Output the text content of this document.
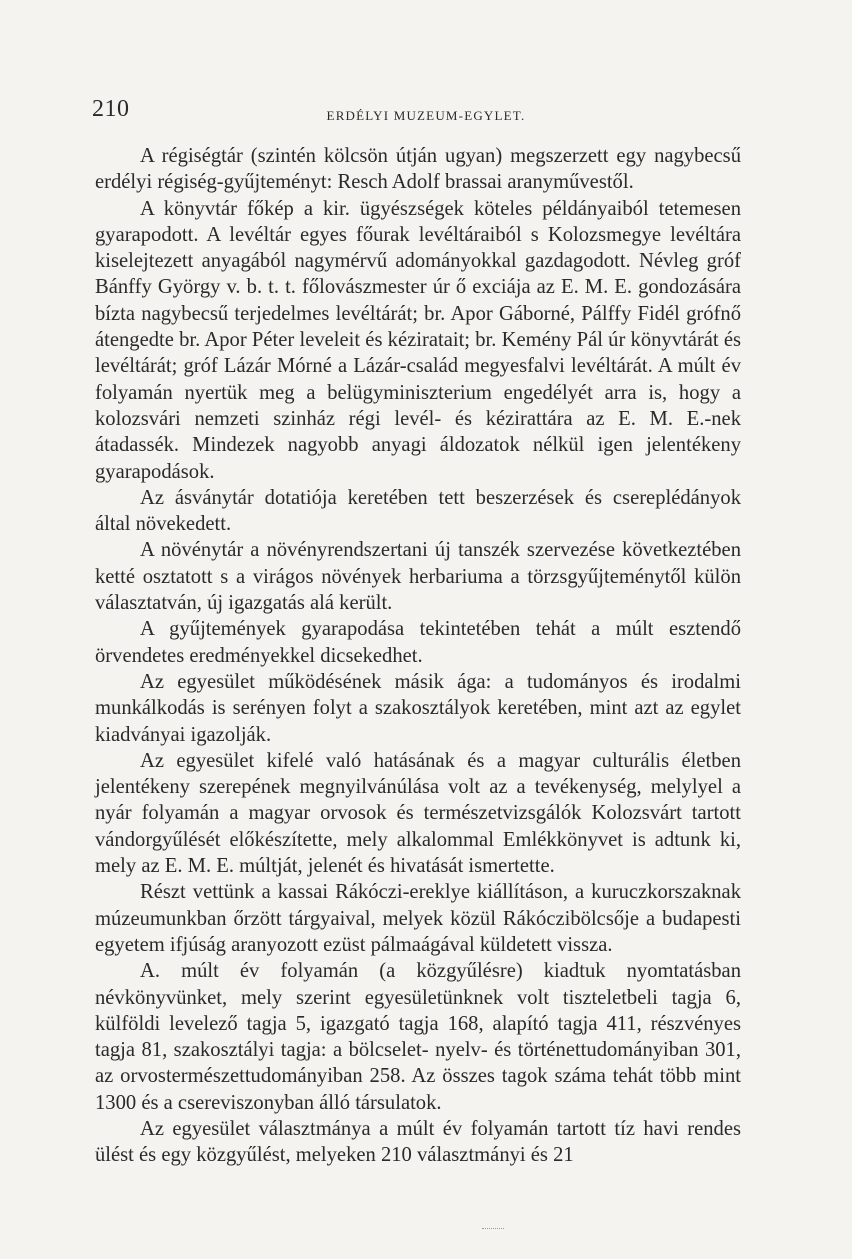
210	ERDÉLYI MUZEUM-EGYLET.

A régiségtár (szintén kölcsön útján ugyan) megszerzett egy nagybecsű erdélyi régiség-gyűjteményt: Resch Adolf brassai aranyművestől.

A könyvtár főkép a kir. ügyészségek köteles példányaiból tetemesen gyarapodott. A levéltár egyes főurak levéltáraiból s Kolozsmegye levéltára kiselejtezett anyagából nagymérvű adományokkal gazdagodott. Névleg gróf Bánffy György v. b. t. t. főlovászmester úr ő exciája az E. M. E. gondozására bízta nagybecsű terjedelmes levéltárát; br. Apor Gáborné, Pálffy Fidél grófnő átengedte br. Apor Péter leveleit és kéziratait; br. Kemény Pál úr könyvtárát és levéltárát; gróf Lázár Mórné a Lázár-család megyesfalvi levéltárát. A múlt év folyamán nyertük meg a belügyminiszterium engedélyét arra is, hogy a kolozsvári nemzeti szinház régi levél- és kézirattára az E. M. E.-nek átadassék. Mindezek nagyobb anyagi áldozatok nélkül igen jelentékeny gyarapodások.

Az ásványtár dotatiója keretében tett beszerzések és csereplédányok által növekedett.

A növénytár a növényrendszertani új tanszék szervezése következtében ketté osztatott s a virágos növények herbariuma a törzsgyűjteménytől külön választatván, új igazgatás alá került.

A gyűjtemények gyarapodása tekintetében tehát a múlt esztendő örvendetes eredményekkel dicsekedhet.

Az egyesület működésének másik ága: a tudományos és irodalmi munkálkodás is serényen folyt a szakosztályok keretében, mint azt az egylet kiadványai igazolják.

Az egyesület kifelé való hatásának és a magyar culturális életben jelentékeny szerepének megnyilvánúlása volt az a tevékenység, melylyel a nyár folyamán a magyar orvosok és természetvizsgálók Kolozsvárt tartott vándorgyűlését előkészítette, mely alkalommal Emlékkönyvet is adtunk ki, mely az E. M. E. múltját, jelenét és hivatását ismertette.

Részt vettünk a kassai Rákóczi-ereklye kiállításon, a kuruczkorszaknak múzeumunkban őrzött tárgyaival, melyek közül Rákóczibölcsője a budapesti egyetem ifjúság aranyozott ezüst pálmaágával küldetett vissza.

A. múlt év folyamán (a közgyűlésre) kiadtuk nyomtatásban névkönyvünket, mely szerint egyesületünknek volt tiszteletbeli tagja 6, külföldi levelező tagja 5, igazgató tagja 168, alapító tagja 411, részvényes tagja 81, szakosztályi tagja: a bölcselet- nyelv- és történettudományiban 301, az orvostermészettudományiban 258. Az összes tagok száma tehát több mint 1300 és a csereviszonyban álló társulatok.

Az egyesület választmánya a múlt év folyamán tartott tíz havi rendes ülést és egy közgyűlést, melyeken 210 választmányi és 21
